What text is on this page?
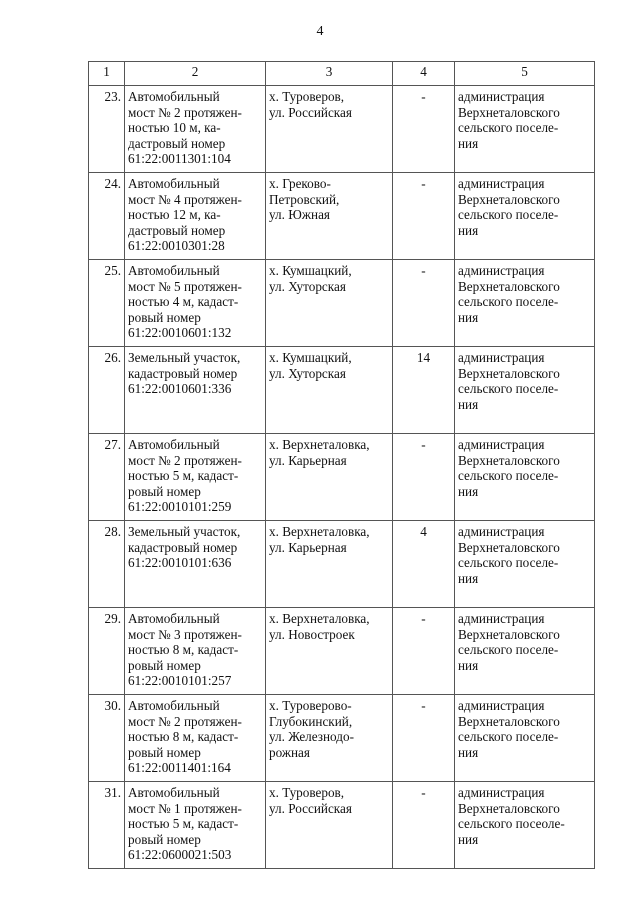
4
1	2	3	4	5
23.	Автомобильный
мост № 2 протяжен-
ностью 10 м, ка-
дастровый номер
61:22:0011301:104	х. Туроверов,
ул. Российская	-	администрация
Верхнеталовского
сельского поселе-
ния

24.	Автомобильный
мост № 4 протяжен-
ностью 12 м, ка-
дастровый номер
61:22:0010301:28	х. Греково-
Петровский,
ул. Южная	-	администрация
Верхнеталовского
сельского поселе-
ния

25.	Автомобильный
мост № 5 протяжен-
ностью 4 м, кадаст-
ровый номер
61:22:0010601:132	х. Кумшацкий,
ул. Хуторская	-	администрация
Верхнеталовского
сельского поселе-
ния

26.	Земельный участок,
кадастровый номер
61:22:0010601:336	х. Кумшацкий,
ул. Хуторская	14	администрация
Верхнеталовского
сельского поселе-
ния

27.	Автомобильный
мост № 2 протяжен-
ностью 5 м, кадаст-
ровый номер
61:22:0010101:259	х. Верхнеталовка,
ул. Карьерная	-	администрация
Верхнеталовского
сельского поселе-
ния

28.	Земельный участок,
кадастровый номер
61:22:0010101:636	х. Верхнеталовка,
ул. Карьерная	4	администрация
Верхнеталовского
сельского поселе-
ния

29.	Автомобильный
мост № 3 протяжен-
ностью 8 м, кадаст-
ровый номер
61:22:0010101:257	х. Верхнеталовка,
ул. Новостроек	-	администрация
Верхнеталовского
сельского поселе-
ния

30.	Автомобильный
мост № 2 протяжен-
ностью 8 м, кадаст-
ровый номер
61:22:0011401:164	х. Туроверово-
Глубокинский,
ул. Железнодо-
рожная	-	администрация
Верхнеталовского
сельского поселе-
ния

31.	Автомобильный
мост № 1 протяжен-
ностью 5 м, кадаст-
ровый номер
61:22:0600021:503	х. Туроверов,
ул. Российская	-	администрация
Верхнеталовского
сельского посеоле-
ния
